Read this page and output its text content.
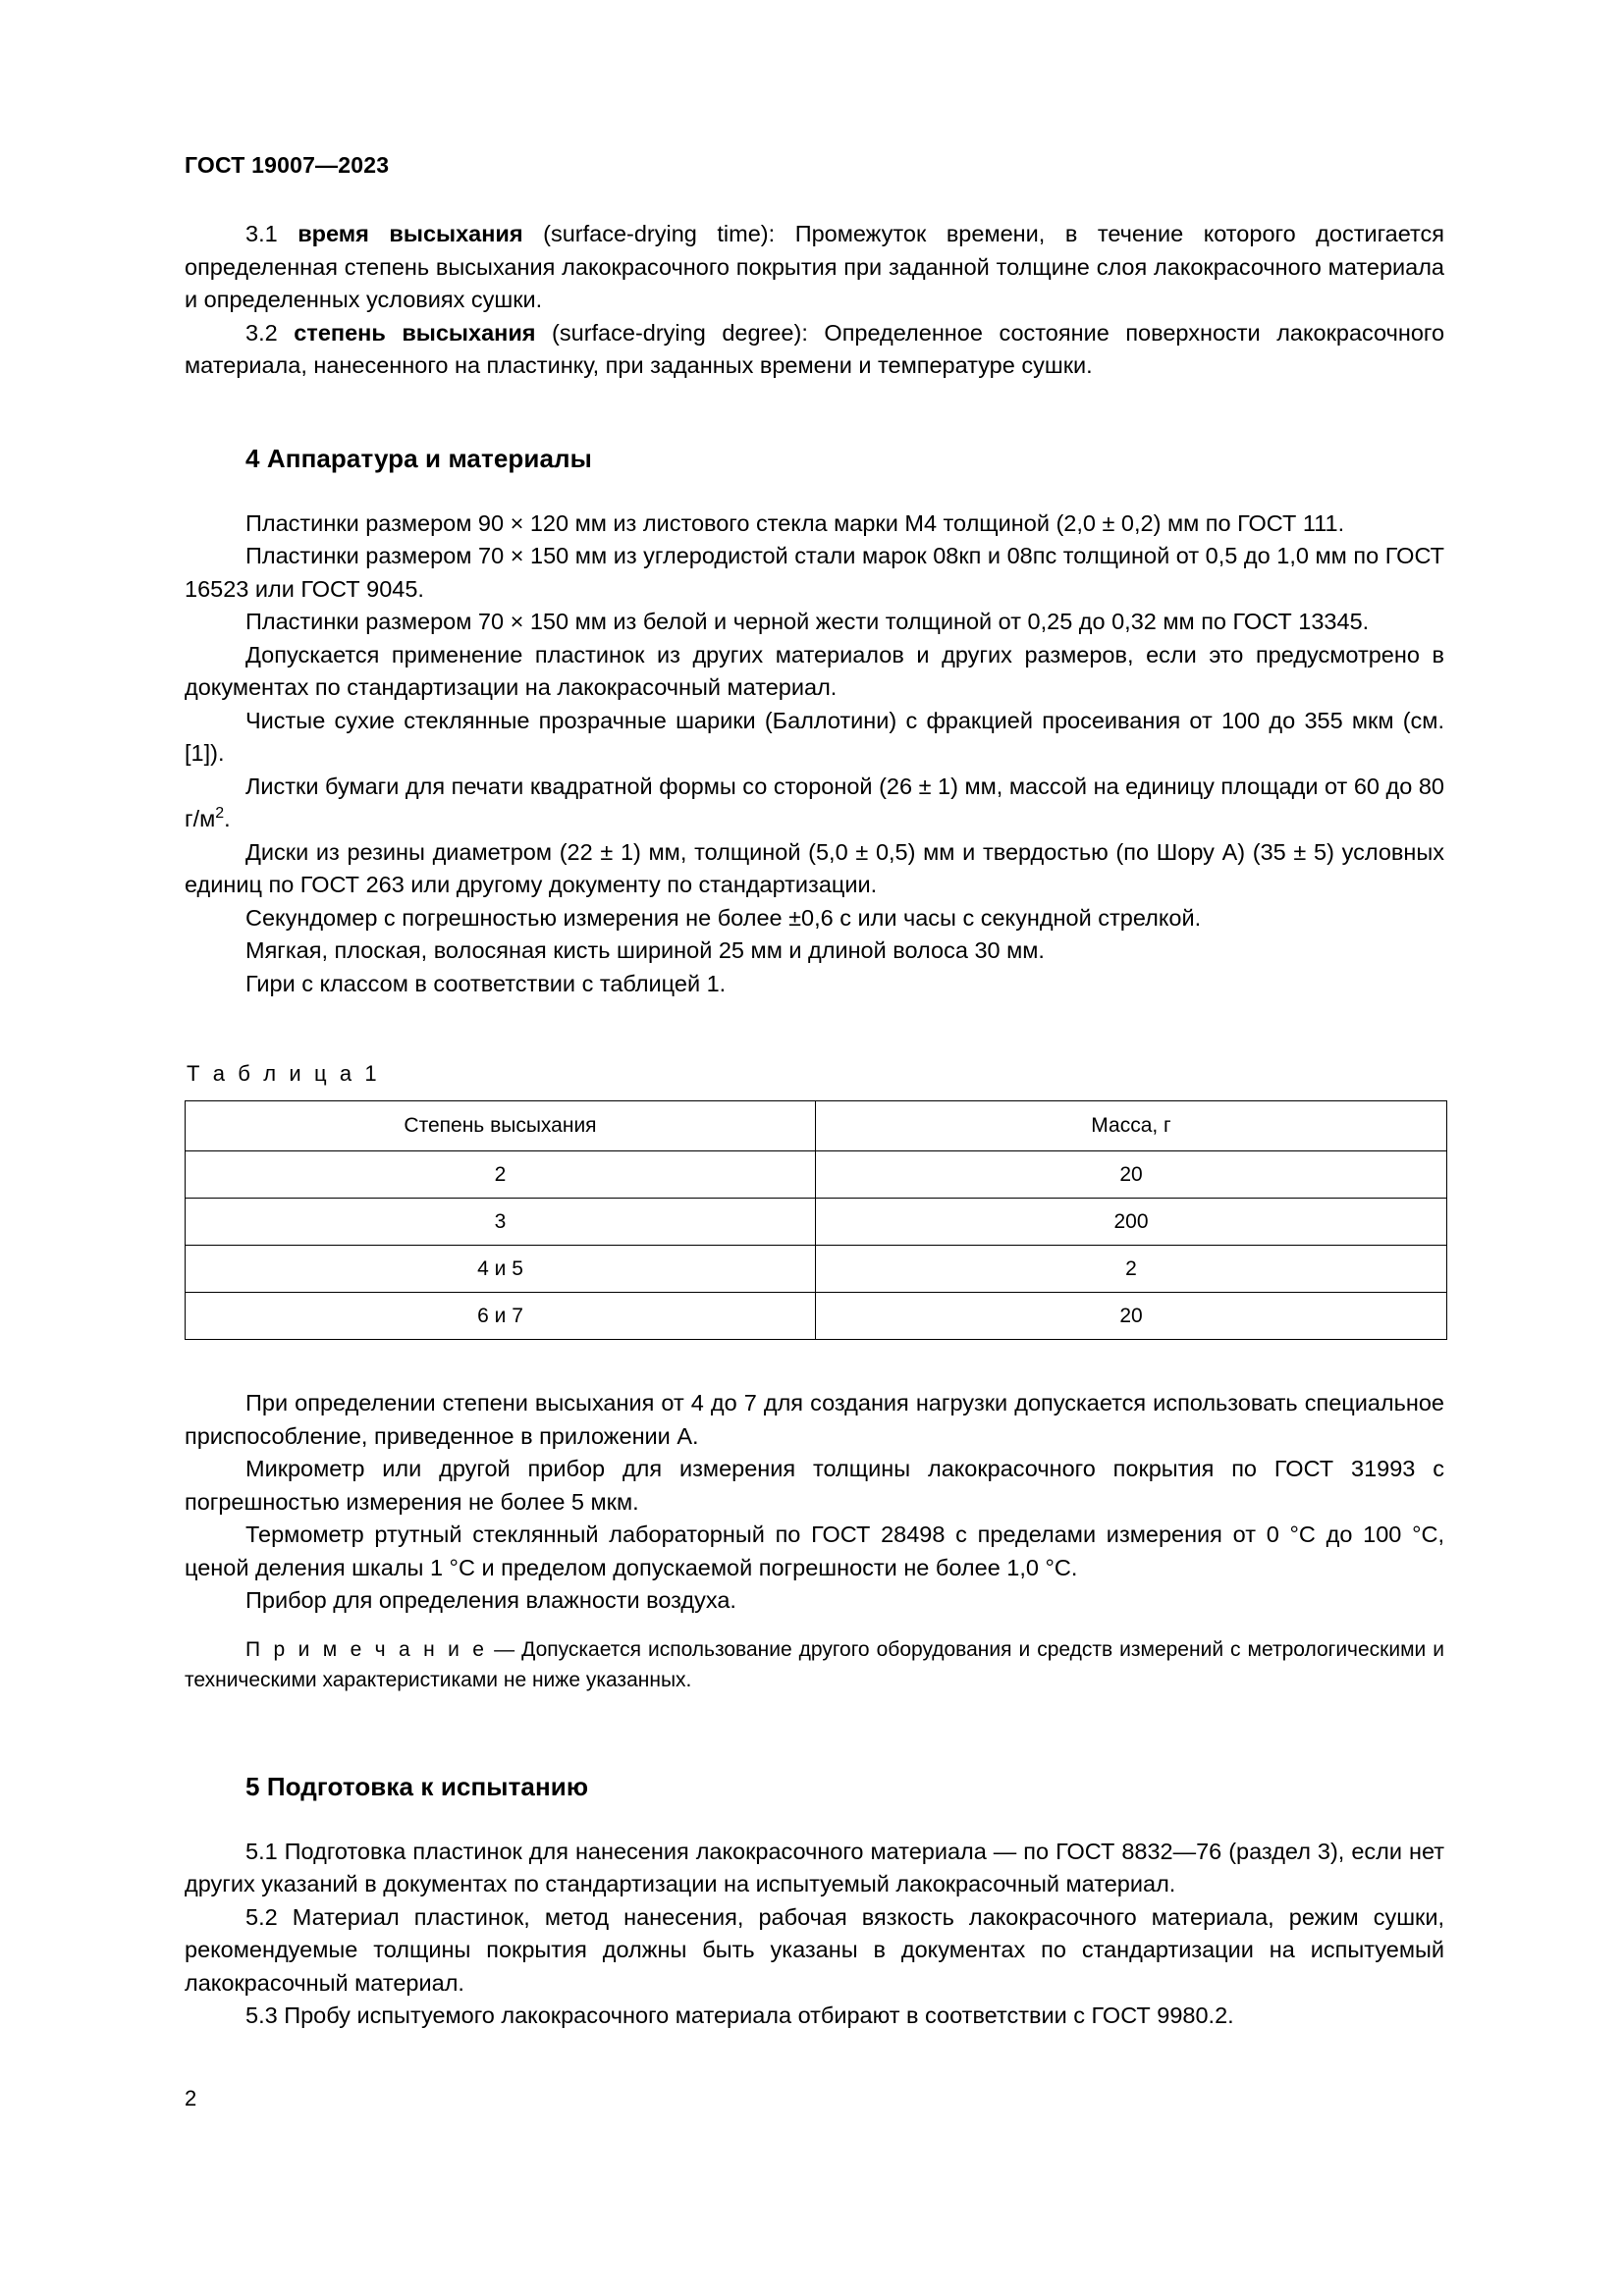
ГОСТ 19007—2023

3.1 время высыхания (surface-drying time): Промежуток времени, в течение которого достигается определенная степень высыхания лакокрасочного покрытия при заданной толщине слоя лакокрасочного материала и определенных условиях сушки.

3.2 степень высыхания (surface-drying degree): Определенное состояние поверхности лакокрасочного материала, нанесенного на пластинку, при заданных времени и температуре сушки.

4 Аппаратура и материалы

Пластинки размером 90 × 120 мм из листового стекла марки М4 толщиной (2,0 ± 0,2) мм по ГОСТ 111.

Пластинки размером 70 × 150 мм из углеродистой стали марок 08кп и 08пс толщиной от 0,5 до 1,0 мм по ГОСТ 16523 или ГОСТ 9045.

Пластинки размером 70 × 150 мм из белой и черной жести толщиной от 0,25 до 0,32 мм по ГОСТ 13345.

Допускается применение пластинок из других материалов и других размеров, если это предусмотрено в документах по стандартизации на лакокрасочный материал.

Чистые сухие стеклянные прозрачные шарики (Баллотини) с фракцией просеивания от 100 до 355 мкм (см. [1]).

Листки бумаги для печати квадратной формы со стороной (26 ± 1) мм, массой на единицу площади от 60 до 80 $г/м^2$.

Диски из резины диаметром (22 ± 1) мм, толщиной (5,0 ± 0,5) мм и твердостью (по Шору А) (35 ± 5) условных единиц по ГОСТ 263 или другому документу по стандартизации.

Секундомер с погрешностью измерения не более ±0,6 с или часы с секундной стрелкой.

Мягкая, плоская, волосяная кисть шириной 25 мм и длиной волоса 30 мм.

Гири с классом в соответствии с таблицей 1.

Т а б л и ц а 1
Степень высыхания	Масса, г
2	20
3	200
4 и 5	2
6 и 7	20

При определении степени высыхания от 4 до 7 для создания нагрузки допускается использовать специальное приспособление, приведенное в приложении А.

Микрометр или другой прибор для измерения толщины лакокрасочного покрытия по ГОСТ 31993 с погрешностью измерения не более 5 мкм.

Термометр ртутный стеклянный лабораторный по ГОСТ 28498 с пределами измерения от 0 °С до 100 °С, ценой деления шкалы 1 °С и пределом допускаемой погрешности не более 1,0 °С.

Прибор для определения влажности воздуха.

П р и м е ч а н и е — Допускается использование другого оборудования и средств измерений с метрологическими и техническими характеристиками не ниже указанных.

5 Подготовка к испытанию

5.1 Подготовка пластинок для нанесения лакокрасочного материала — по ГОСТ 8832—76 (раздел 3), если нет других указаний в документах по стандартизации на испытуемый лакокрасочный материал.

5.2 Материал пластинок, метод нанесения, рабочая вязкость лакокрасочного материала, режим сушки, рекомендуемые толщины покрытия должны быть указаны в документах по стандартизации на испытуемый лакокрасочный материал.

5.3 Пробу испытуемого лакокрасочного материала отбирают в соответствии с ГОСТ 9980.2.

2
